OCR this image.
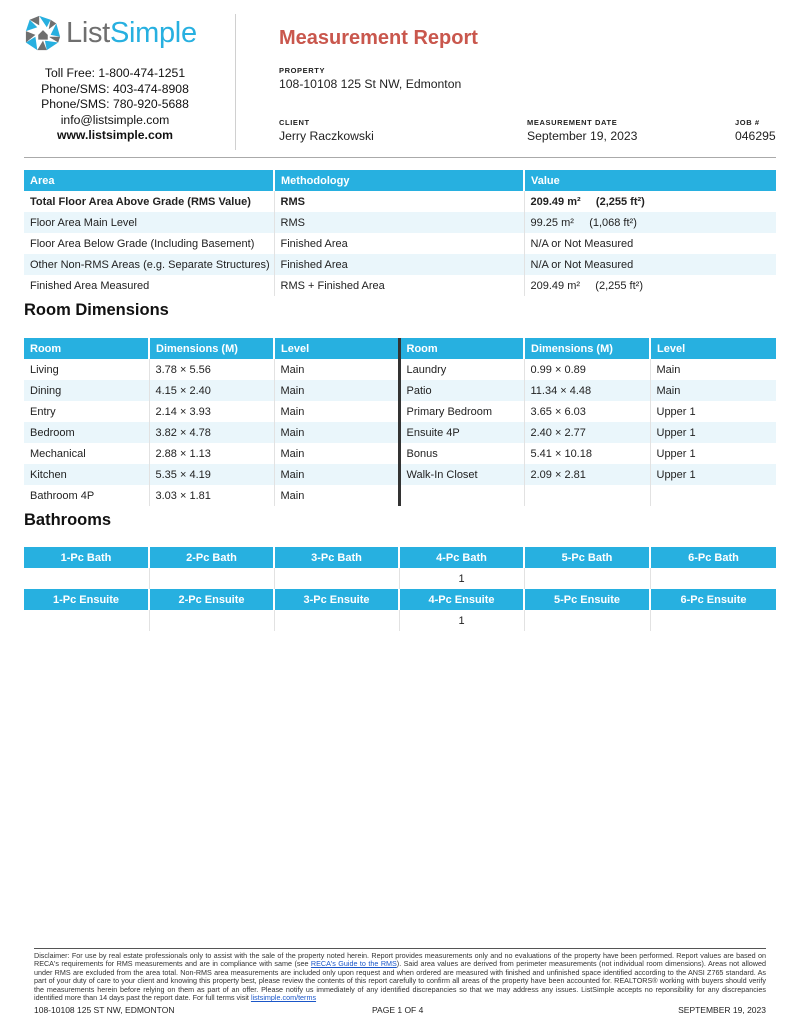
ListSimple
Toll Free: 1-800-474-1251
Phone/SMS: 403-474-8908
Phone/SMS: 780-920-5688
info@listsimple.com
www.listsimple.com
Measurement Report
PROPERTY
108-10108 125 St NW, Edmonton
CLIENT
Jerry Raczkowski
MEASUREMENT DATE
September 19, 2023
JOB #
046295
Area	Methodology	Value
Total Floor Area Above Grade (RMS Value)	RMS	209.49 m²     (2,255 ft²)
Floor Area Main Level	RMS	99.25 m²     (1,068 ft²)
Floor Area Below Grade (Including Basement)	Finished Area	N/A or Not Measured
Other Non-RMS Areas (e.g. Separate Structures)	Finished Area	N/A or Not Measured
Finished Area Measured	RMS + Finished Area	209.49 m²     (2,255 ft²)
Room Dimensions
Room	Dimensions (M)	Level	Room	Dimensions (M)	Level
Living	3.78 × 5.56	Main	Laundry	0.99 × 0.89	Main
Dining	4.15 × 2.40	Main	Patio	11.34 × 4.48	Main
Entry	2.14 × 3.93	Main	Primary Bedroom	3.65 × 6.03	Upper 1
Bedroom	3.82 × 4.78	Main	Ensuite 4P	2.40 × 2.77	Upper 1
Mechanical	2.88 × 1.13	Main	Bonus	5.41 × 10.18	Upper 1
Kitchen	5.35 × 4.19	Main	Walk-In Closet	2.09 × 2.81	Upper 1
Bathroom 4P	3.03 × 1.81	Main			
Bathrooms
1-Pc Bath	2-Pc Bath	3-Pc Bath	4-Pc Bath	5-Pc Bath	6-Pc Bath
			1		
1-Pc Ensuite	2-Pc Ensuite	3-Pc Ensuite	4-Pc Ensuite	5-Pc Ensuite	6-Pc Ensuite
			1		
Disclaimer: For use by real estate professionals only to assist with the sale of the property noted herein. Report provides measurements only and no evaluations of the property have been performed. Report values are based on RECA's requirements for RMS measurements and are in compliance with same (see RECA's Guide to the RMS). Said area values are derived from perimeter measurements (not individual room dimensions). Areas not allowed under RMS are excluded from the area total. Non-RMS area measurements are included only upon request and when ordered are measured with finished and unfinished space identified according to the ANSI Z765 standard. As part of your duty of care to your client and knowing this property best, please review the contents of this report carefully to confirm all areas of the property have been accounted for. REALTORS® working with buyers should verify the measurements herein before relying on them as part of an offer. Please notify us immediately of any identified discrepancies so that we may address any issues. ListSimple accepts no reponsibility for any discrepancies identified more than 14 days past the report date. For full terms visit listsimple.com/terms
108-10108 125 ST NW, EDMONTON	PAGE 1 OF 4	SEPTEMBER 19, 2023
